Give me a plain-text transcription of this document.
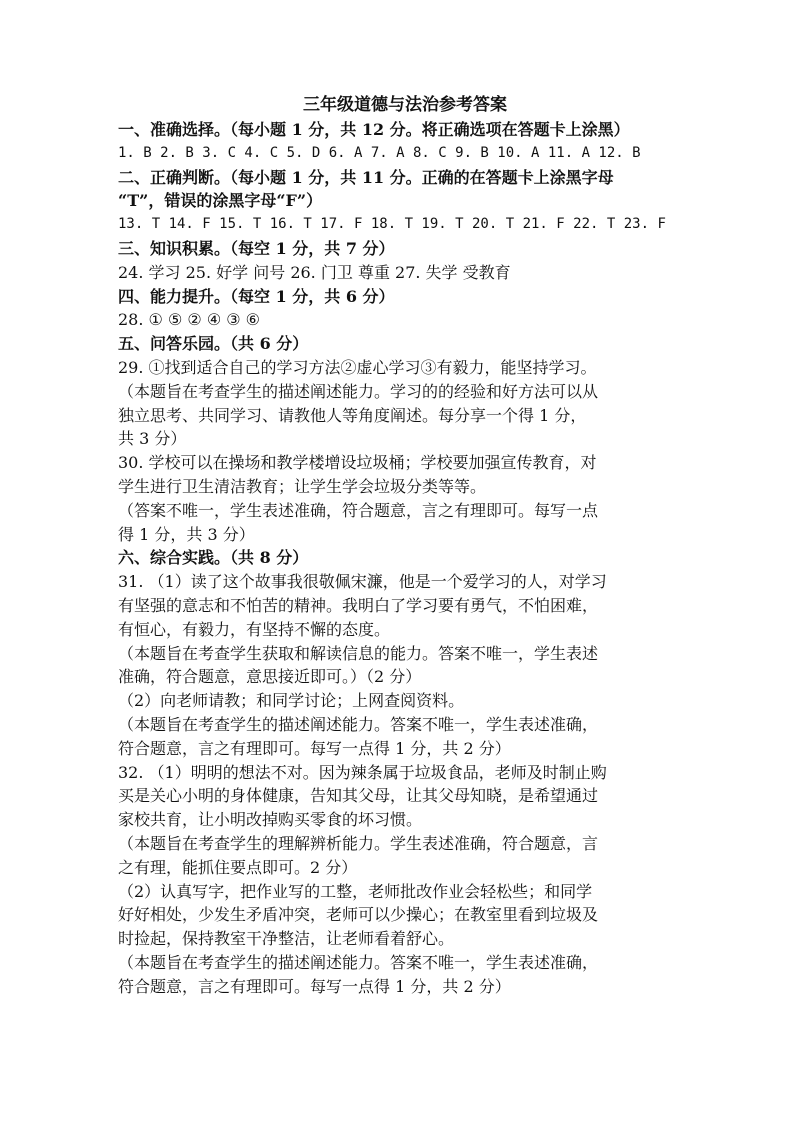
三年级道德与法治参考答案

一、准确选择。（每小题 1 分，共 12 分。将正确选项在答题卡上涂黑）

1. B 2. B 3. C 4. C 5. D 6. A 7. A 8. C 9. B 10. A 11. A 12. B

二、正确判断。（每小题 1 分，共 11 分。正确的在答题卡上涂黑字母

“T”，错误的涂黑字母“F”）

13. T 14. F 15. T 16. T 17. F 18. T 19. T 20. T 21. F 22. T 23. F

三、知识积累。（每空 1 分，共 7 分）

24. 学习 25. 好学 问号 26. 门卫 尊重 27. 失学 受教育

四、能力提升。（每空 1 分，共 6 分）

28. ① ⑤ ② ④ ③ ⑥

五、问答乐园。（共 6 分）

29. ①找到适合自己的学习方法②虚心学习③有毅力，能坚持学习。

（本题旨在考查学生的描述阐述能力。学习的的经验和好方法可以从

独立思考、共同学习、请教他人等角度阐述。每分享一个得 1 分，

共 3 分）

30. 学校可以在操场和教学楼增设垃圾桶；学校要加强宣传教育，对

学生进行卫生清洁教育；让学生学会垃圾分类等等。

（答案不唯一，学生表述准确，符合题意，言之有理即可。每写一点

得 1 分，共 3 分）

六、综合实践。（共 8 分）

31. （1）读了这个故事我很敬佩宋濂，他是一个爱学习的人，对学习

有坚强的意志和不怕苦的精神。我明白了学习要有勇气，不怕困难，

有恒心，有毅力，有坚持不懈的态度。

（本题旨在考查学生获取和解读信息的能力。答案不唯一，学生表述

准确，符合题意，意思接近即可。）（2 分）

（2）向老师请教；和同学讨论；上网查阅资料。

（本题旨在考查学生的描述阐述能力。答案不唯一，学生表述准确，

符合题意，言之有理即可。每写一点得 1 分，共 2 分）

32. （1）明明的想法不对。因为辣条属于垃圾食品，老师及时制止购

买是关心小明的身体健康，告知其父母，让其父母知晓，是希望通过

家校共育，让小明改掉购买零食的坏习惯。

（本题旨在考查学生的理解辨析能力。学生表述准确，符合题意，言

之有理，能抓住要点即可。2 分）

（2）认真写字，把作业写的工整，老师批改作业会轻松些；和同学

好好相处，少发生矛盾冲突，老师可以少操心；在教室里看到垃圾及

时捡起，保持教室干净整洁，让老师看着舒心。

（本题旨在考查学生的描述阐述能力。答案不唯一，学生表述准确，

符合题意，言之有理即可。每写一点得 1 分，共 2 分）
